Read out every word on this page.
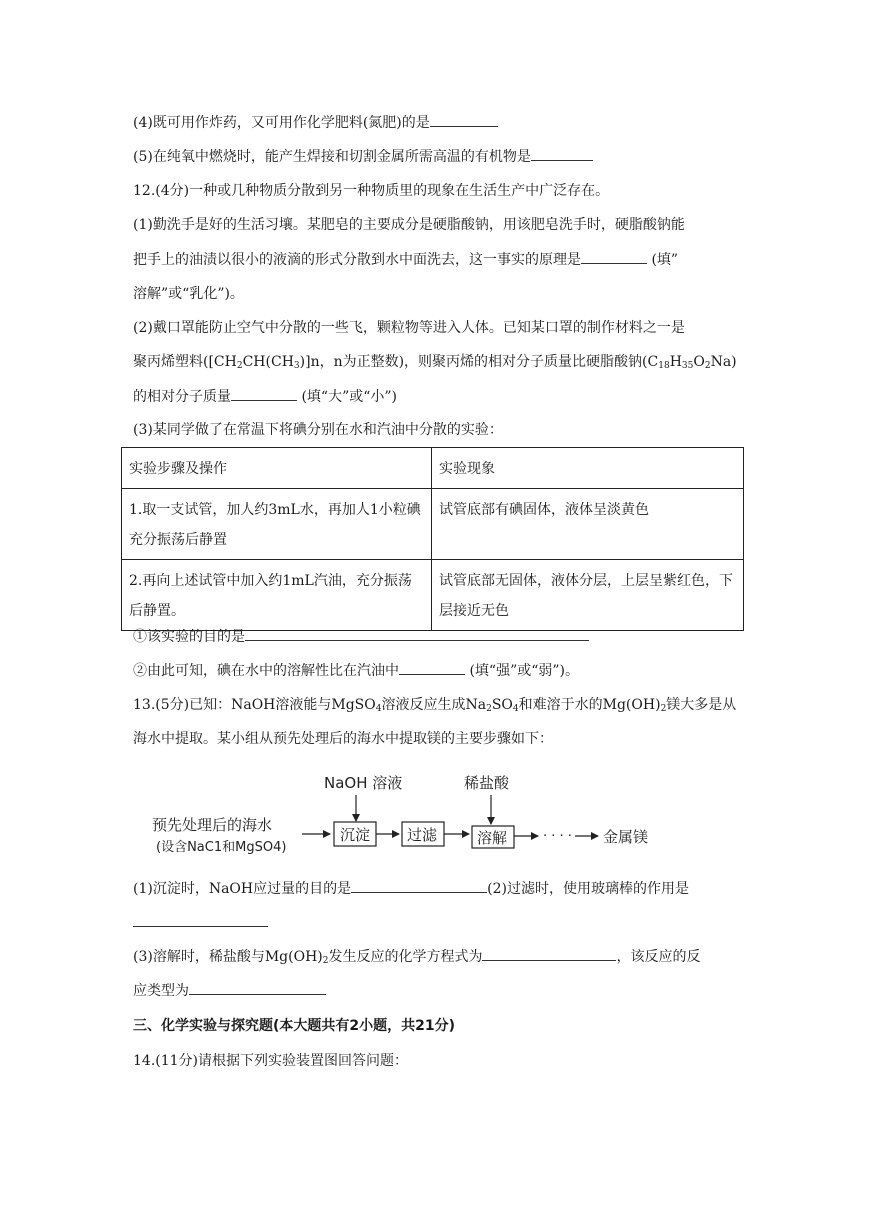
(4)既可用作炸药，又可用作化学肥料(氮肥)的是
(5)在纯氧中燃烧时，能产生焊接和切割金属所需高温的有机物是
12.(4分)一种或几种物质分散到另一种物质里的现象在生活生产中广泛存在。
(1)勤洗手是好的生活习壤。某肥皂的主要成分是硬脂酸钠，用该肥皂洗手时，硬脂酸钠能
把手上的油渍以很小的液滴的形式分散到水中面洗去，这一事实的原理是	(填”
溶解”或“乳化”)。
(2)戴口罩能防止空气中分散的一些飞，颗粒物等进入人体。已知某口罩的制作材料之一是
聚丙烯塑料($[CH_2CH(CH_3)]n$，n为正整数)，则聚丙烯的相对分子质量比硬脂酸钠$(C_{18}H_{35}O_2Na)$
的相对分子质量	(填“大”或“小”)
(3)某同学做了在常温下将碘分别在水和汽油中分散的实验：
实验步骤及操作	实验现象
1.取一支试管，加人约3mL水，再加人1小粒碘充分振荡后静置	试管底部有碘固体，液体呈淡黄色
2.再向上述试管中加入约1mL汽油，充分振荡后静置。	试管底部无固体，液体分层，上层呈紫红色，下层接近无色
①该实验的目的是
②由此可知，碘在水中的溶解性比在汽油中	(填“强”或“弱”)。
13.(5分)已知：NaOH溶液能与MgSO$_4$溶液反应生成$Na_2SO_4$和难溶于水的$Mg(OH)_2$镁大多是从
海水中提取。某小组从预先处理后的海水中提取镁的主要步骤如下：
预先处理后的海水
(设含NaC1和MgSO4)
NaOH 溶液	稀盐酸
沉淀 过滤	溶解	· · · · 金属镁
(1)沉淀时，NaOH应过量的目的是	(2)过滤时，使用玻璃棒的作用是
(3)溶解时，稀盐酸与$Mg(OH)_2$发生反应的化学方程式为	，该反应的反
应类型为
三、化学实验与探究题(本大题共有2小题，共21分)
14.(11分)请根据下列实验装置图回答问题：
